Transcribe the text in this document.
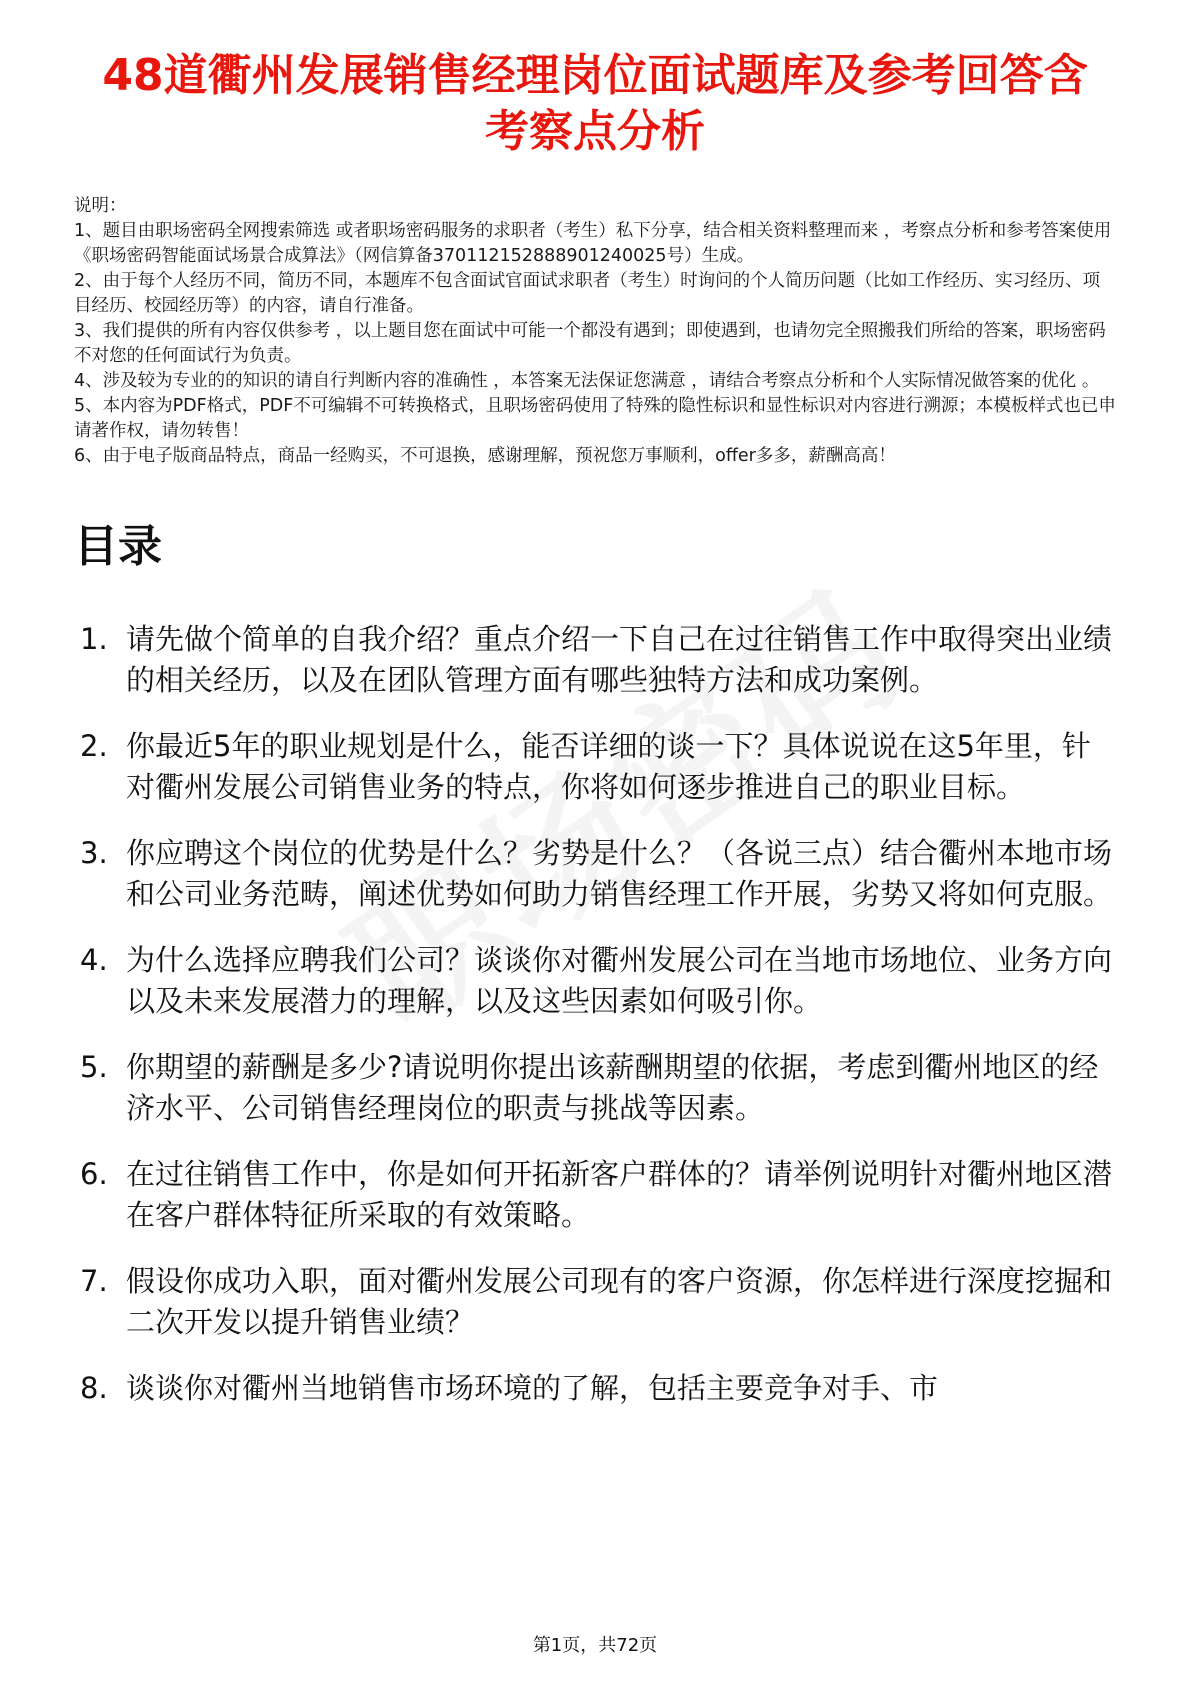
48道衢州发展销售经理岗位面试题库及参考回答含考察点分析

说明：

1、题目由职场密码全网搜索筛选 或者职场密码服务的求职者（考生）私下分享，结合相关资料整理而来 ，考察点分析和参考答案使用《职场密码智能面试场景合成算法》（网信算备370112152888901240025号）生成。

2、由于每个人经历不同，简历不同，本题库不包含面试官面试求职者（考生）时询问的个人简历问题（比如工作经历、实习经历、项目经历、校园经历等）的内容，请自行准备。

3、我们提供的所有内容仅供参考 ，以上题目您在面试中可能一个都没有遇到；即使遇到，也请勿完全照搬我们所给的答案，职场密码不对您的任何面试行为负责。

4、涉及较为专业的的知识的请自行判断内容的准确性 ，本答案无法保证您满意 ，请结合考察点分析和个人实际情况做答案的优化 。

5、本内容为PDF格式，PDF不可编辑不可转换格式，且职场密码使用了特殊的隐性标识和显性标识对内容进行溯源；本模板样式也已申请著作权，请勿转售！

6、由于电子版商品特点，商品一经购买，不可退换，感谢理解，预祝您万事顺利，offer多多，薪酬高高！

目录
1. 请先做个简单的自我介绍？重点介绍一下自己在过往销售工作中取得突出业绩的相关经历，以及在团队管理方面有哪些独特方法和成功案例。
2. 你最近5年的职业规划是什么，能否详细的谈一下？具体说说在这5年里，针对衢州发展公司销售业务的特点，你将如何逐步推进自己的职业目标。
3. 你应聘这个岗位的优势是什么？劣势是什么？（各说三点）结合衢州本地市场和公司业务范畴，阐述优势如何助力销售经理工作开展，劣势又将如何克服。
4. 为什么选择应聘我们公司？谈谈你对衢州发展公司在当地市场地位、业务方向以及未来发展潜力的理解，以及这些因素如何吸引你。
5. 你期望的薪酬是多少?请说明你提出该薪酬期望的依据，考虑到衢州地区的经济水平、公司销售经理岗位的职责与挑战等因素。
6. 在过往销售工作中，你是如何开拓新客户群体的？请举例说明针对衢州地区潜在客户群体特征所采取的有效策略。
7. 假设你成功入职，面对衢州发展公司现有的客户资源，你怎样进行深度挖掘和二次开发以提升销售业绩？
8. 谈谈你对衢州当地销售市场环境的了解，包括主要竞争对手、市
第1页，共72页
